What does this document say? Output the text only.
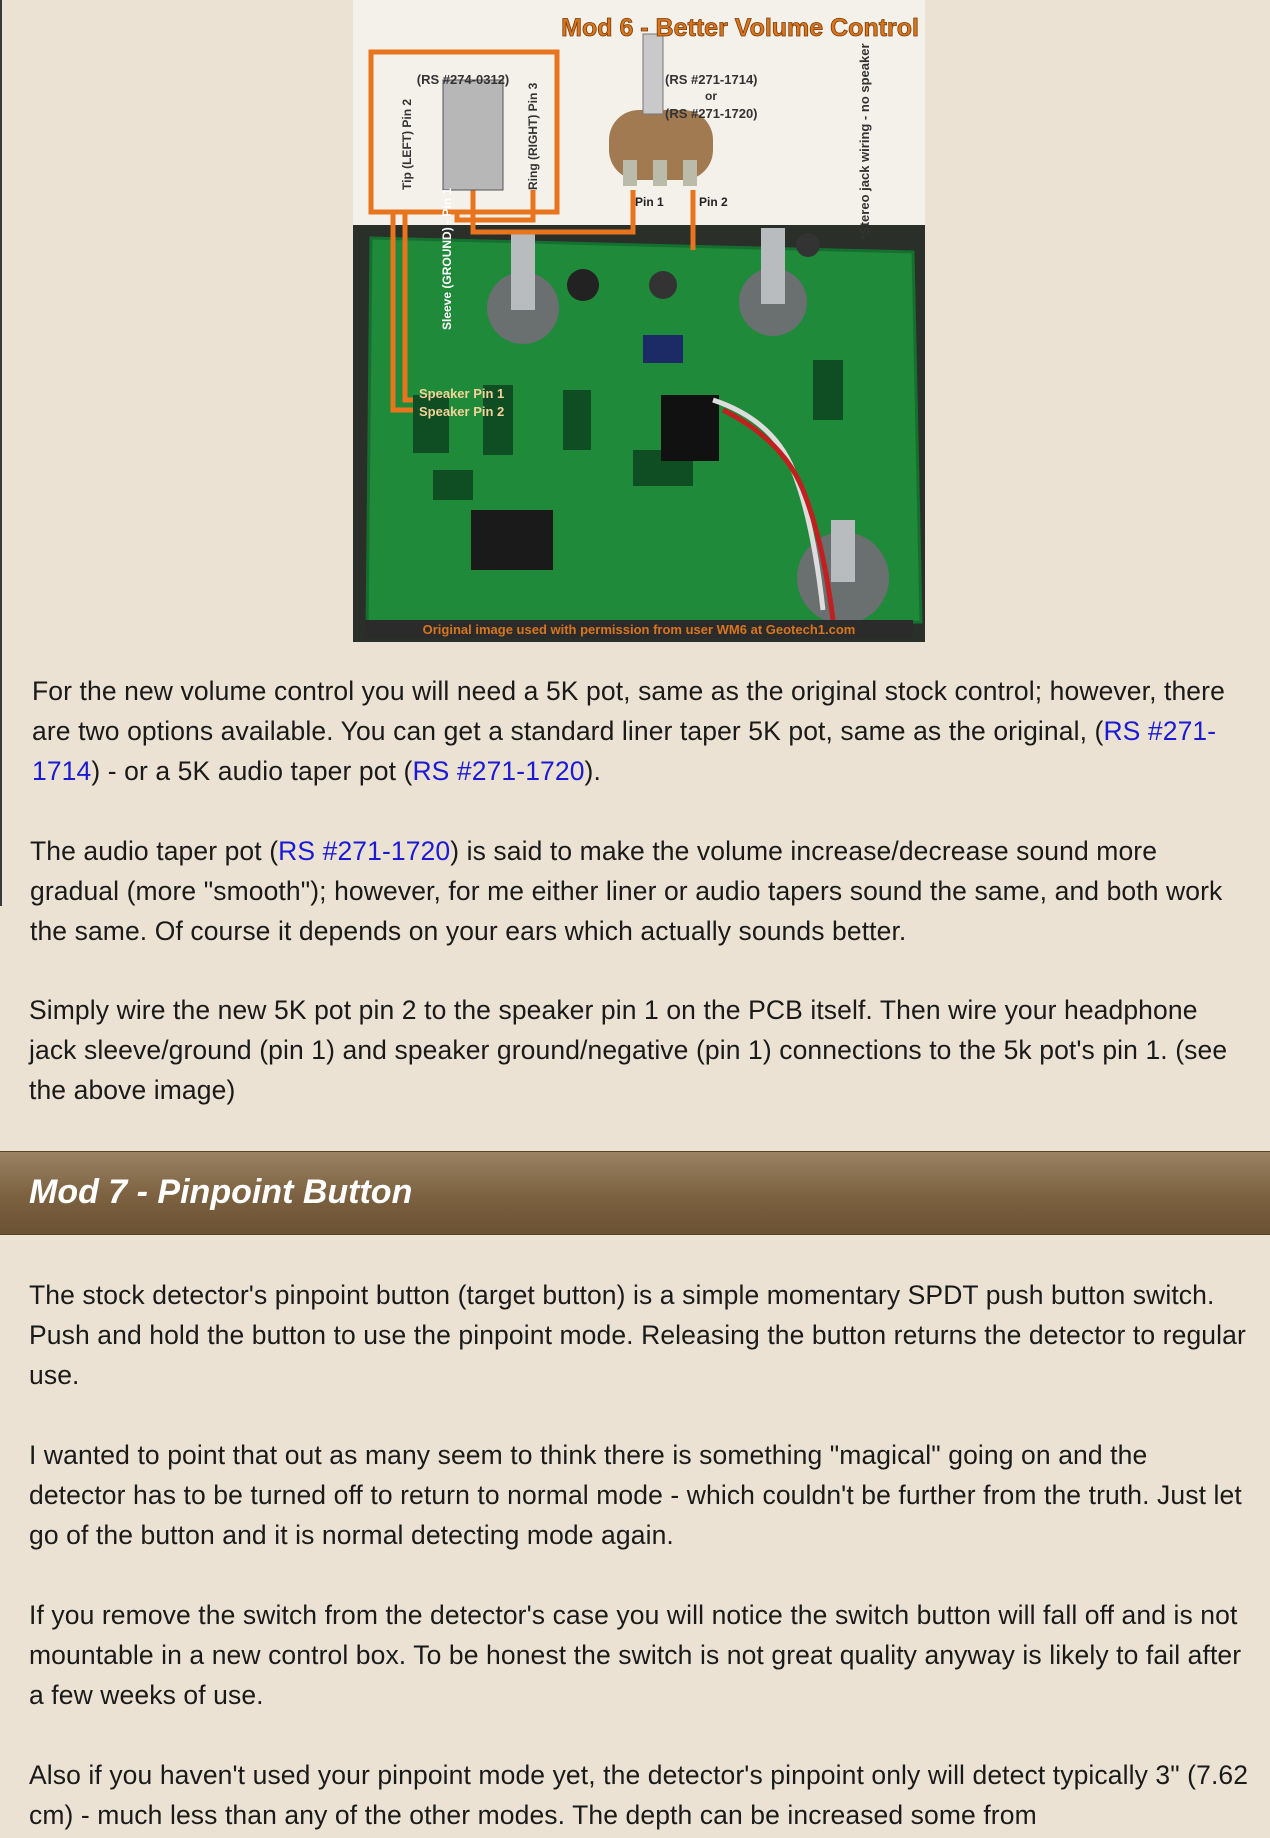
Mod 6 - Better Volume Control
(RS #274-0312)	(RS #271-1714)
or
(RS #271-1720)
Tip (LEFT) Pin 2	Ring (RIGHT) Pin 3
Sleeve (GROUND) - Pin 1
*Stereo jack wiring - no speaker
Pin 1	Pin 2
Speaker Pin 1
Speaker Pin 2
Original image used with permission from user WM6 at Geotech1.com

For the new volume control you will need a 5K pot, same as the original stock control; however, there are two options available. You can get a standard liner taper 5K pot, same as the original, (RS #271-1714) - or a 5K audio taper pot (RS #271-1720).

The audio taper pot (RS #271-1720) is said to make the volume increase/decrease sound more gradual (more "smooth"); however, for me either liner or audio tapers sound the same, and both work the same. Of course it depends on your ears which actually sounds better.

Simply wire the new 5K pot pin 2 to the speaker pin 1 on the PCB itself. Then wire your headphone jack sleeve/ground (pin 1) and speaker ground/negative (pin 1) connections to the 5k pot's pin 1. (see the above image)

Mod 7 - Pinpoint Button

The stock detector's pinpoint button (target button) is a simple momentary SPDT push button switch. Push and hold the button to use the pinpoint mode. Releasing the button returns the detector to regular use.

I wanted to point that out as many seem to think there is something "magical" going on and the detector has to be turned off to return to normal mode - which couldn't be further from the truth. Just let go of the button and it is normal detecting mode again.

If you remove the switch from the detector's case you will notice the switch button will fall off and is not mountable in a new control box. To be honest the switch is not great quality anyway is likely to fail after a few weeks of use.

Also if you haven't used your pinpoint mode yet, the detector's pinpoint only will detect typically 3" (7.62 cm) - much less than any of the other modes. The depth can be increased some from
